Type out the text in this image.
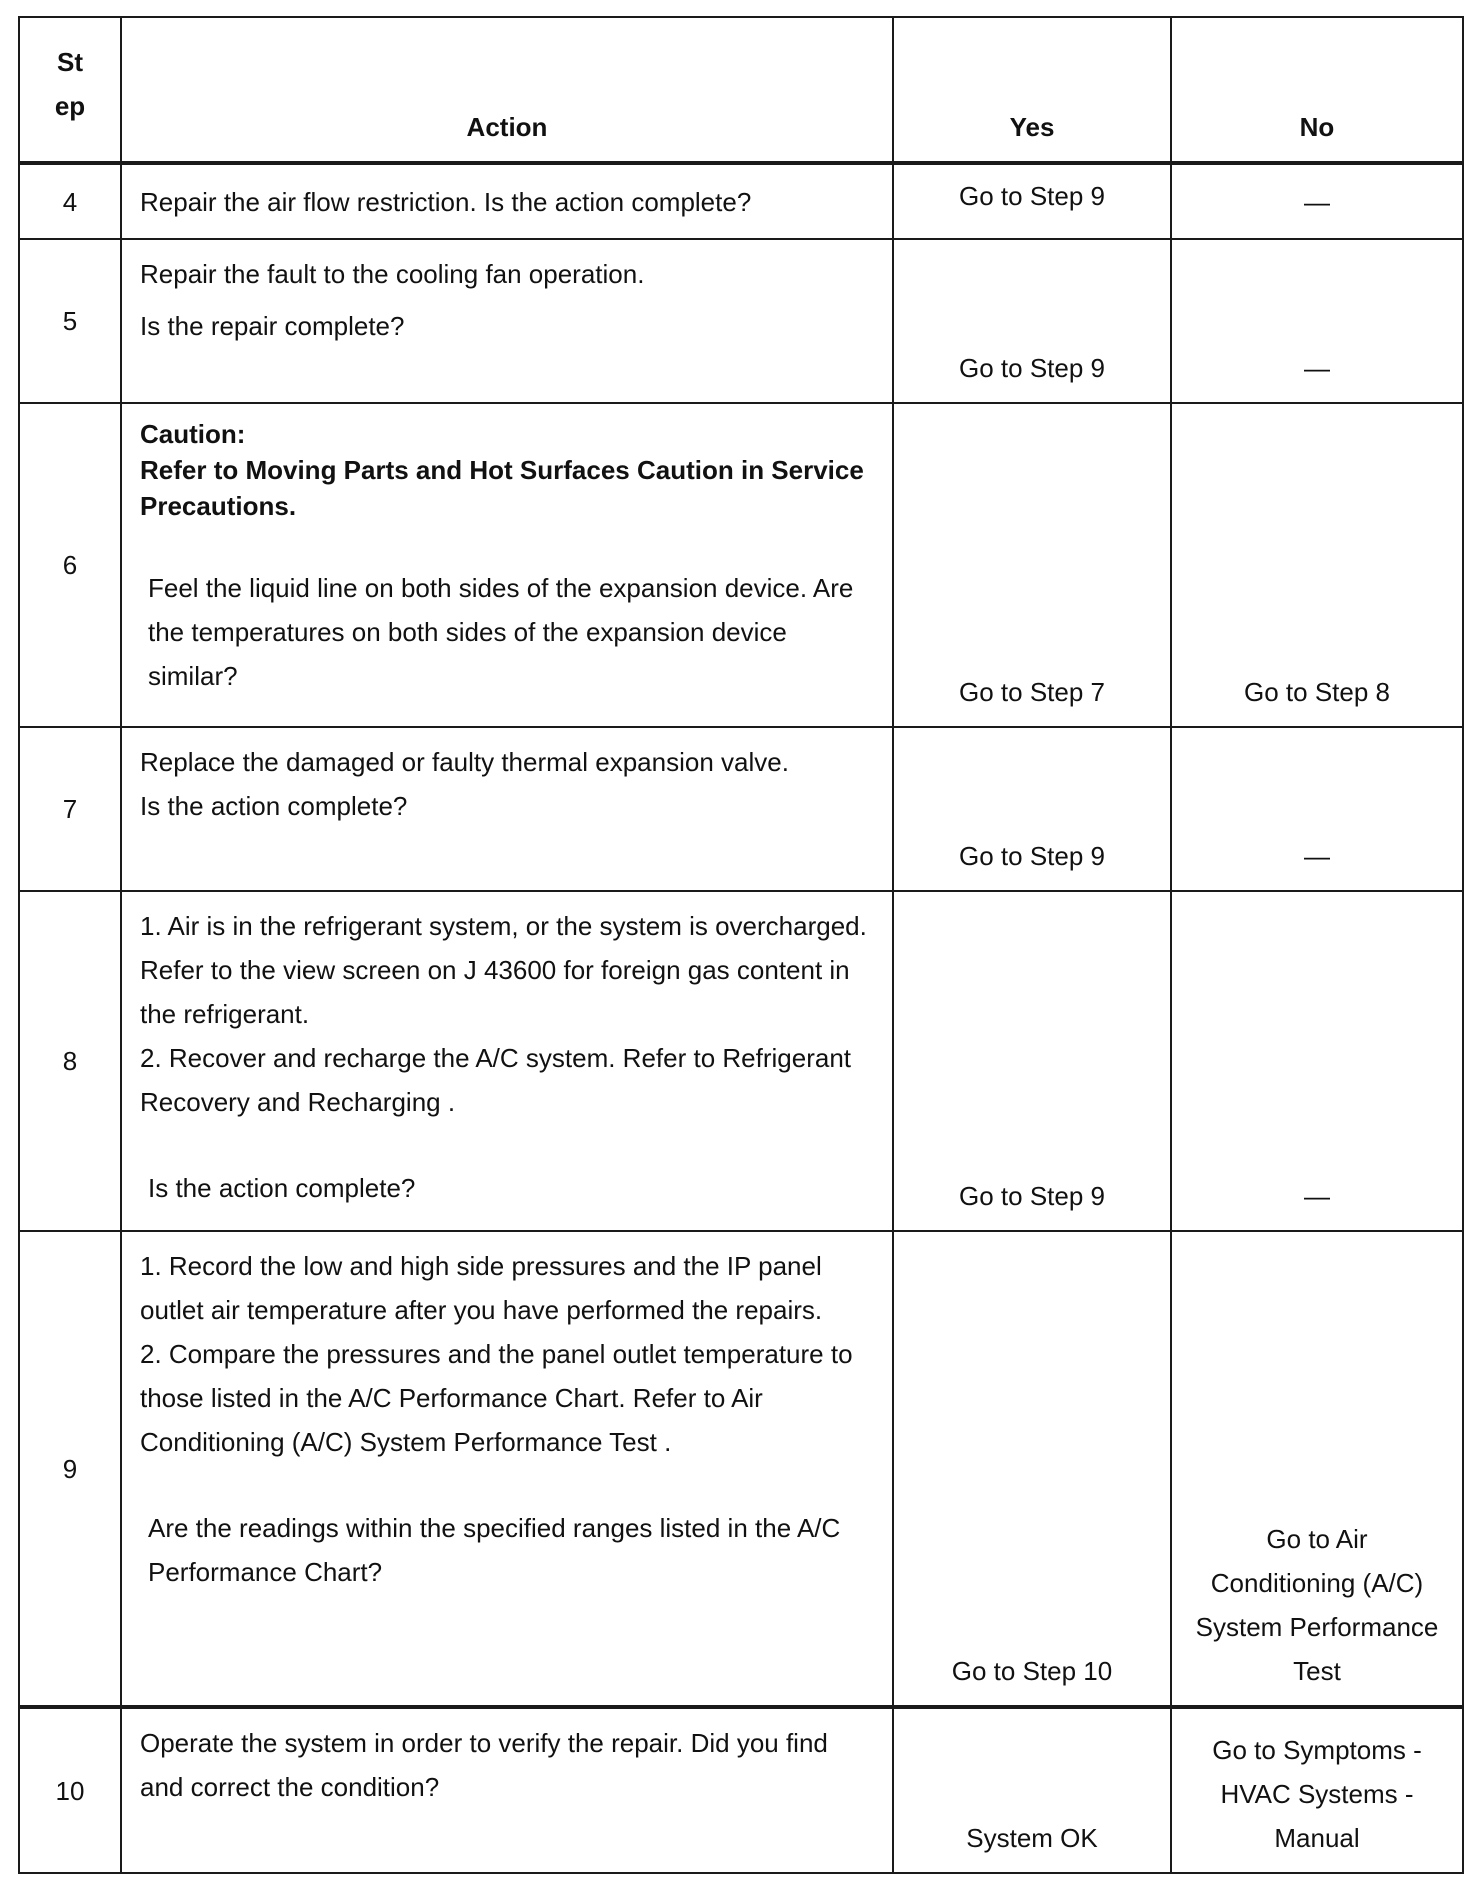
St
ep	Action	Yes	No
4	Repair the air flow restriction. Is the action complete?	Go to Step 9	—
5	Repair the fault to the cooling fan operation.
Is the repair complete?	Go to Step 9	—
6	Caution:
Refer to Moving Parts and Hot Surfaces Caution in Service Precautions.
Feel the liquid line on both sides of the expansion device. Are the temperatures on both sides of the expansion device similar?	Go to Step 7	Go to Step 8
7	Replace the damaged or faulty thermal expansion valve.
Is the action complete?	Go to Step 9	—
8	1. Air is in the refrigerant system, or the system is overcharged. Refer to the view screen on J 43600 for foreign gas content in the refrigerant.
2. Recover and recharge the A/C system. Refer to Refrigerant Recovery and Recharging .
Is the action complete?	Go to Step 9	—
9	1. Record the low and high side pressures and the IP panel outlet air temperature after you have performed the repairs.
2. Compare the pressures and the panel outlet temperature to those listed in the A/C Performance Chart. Refer to Air Conditioning (A/C) System Performance Test .
Are the readings within the specified ranges listed in the A/C Performance Chart?	Go to Step 10	Go to Air Conditioning (A/C) System Performance Test
10	Operate the system in order to verify the repair. Did you find and correct the condition?	System OK	Go to Symptoms - HVAC Systems - Manual
